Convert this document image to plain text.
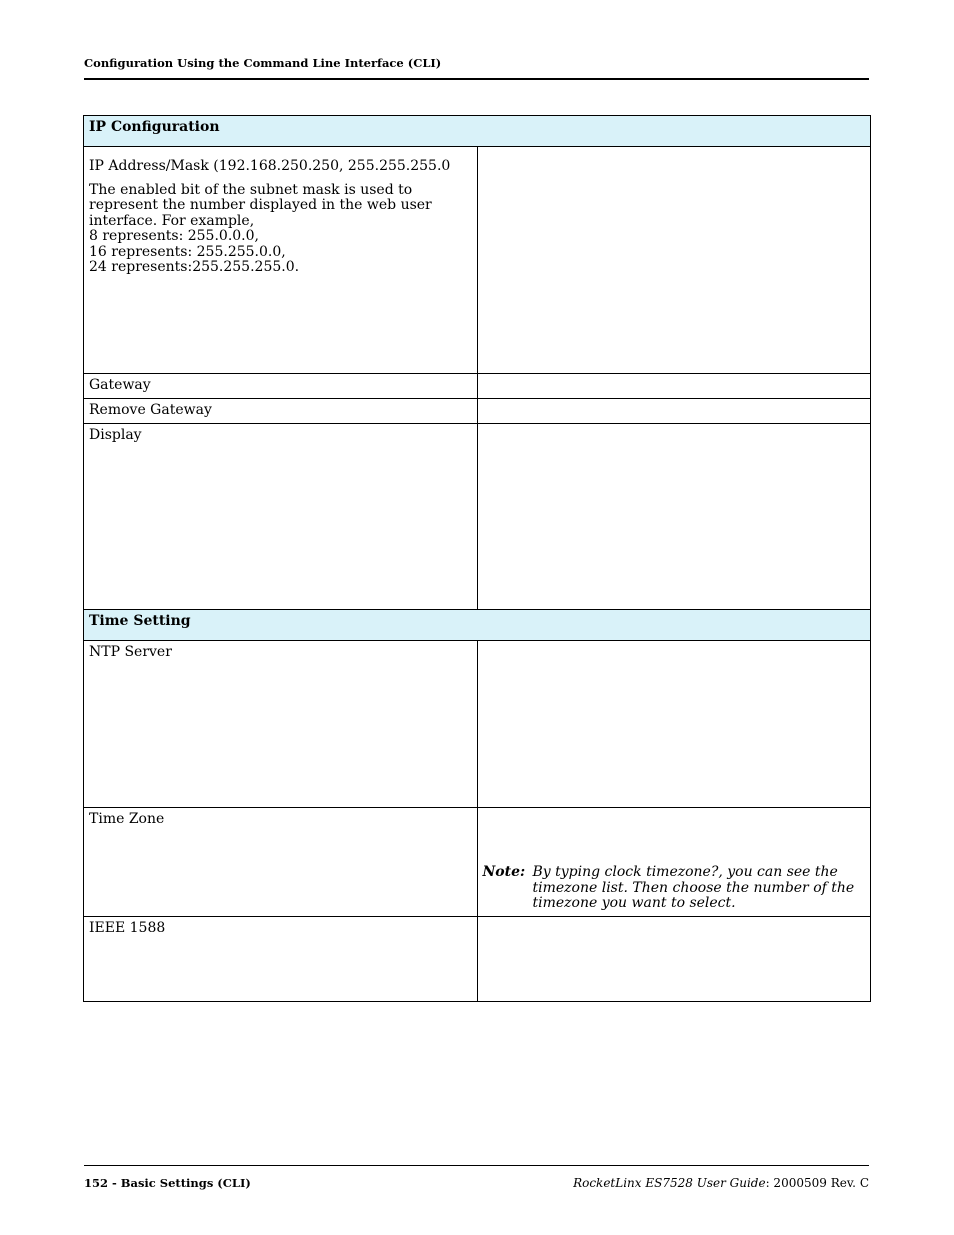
Configuration Using the Command Line Interface (CLI)
IP Configuration	

IP Address/Mask (192.168.250.250, 255.255.255.0

The enabled bit of the subnet mask is used to represent the number displayed in the web user interface. For example,
8 represents: 255.0.0.0,
16 represents: 255.255.0.0,
24 represents:255.255.255.0.	

Gateway	
Remove Gateway	
Display	
Time Setting	
NTP Server	
Time Zone	Note: By typing clock timezone?, you can see the timezone list. Then choose the number of the timezone you want to select.

IEEE 1588	
152 - Basic Settings (CLI)	RocketLinx ES7528 User Guide: 2000509 Rev. C
